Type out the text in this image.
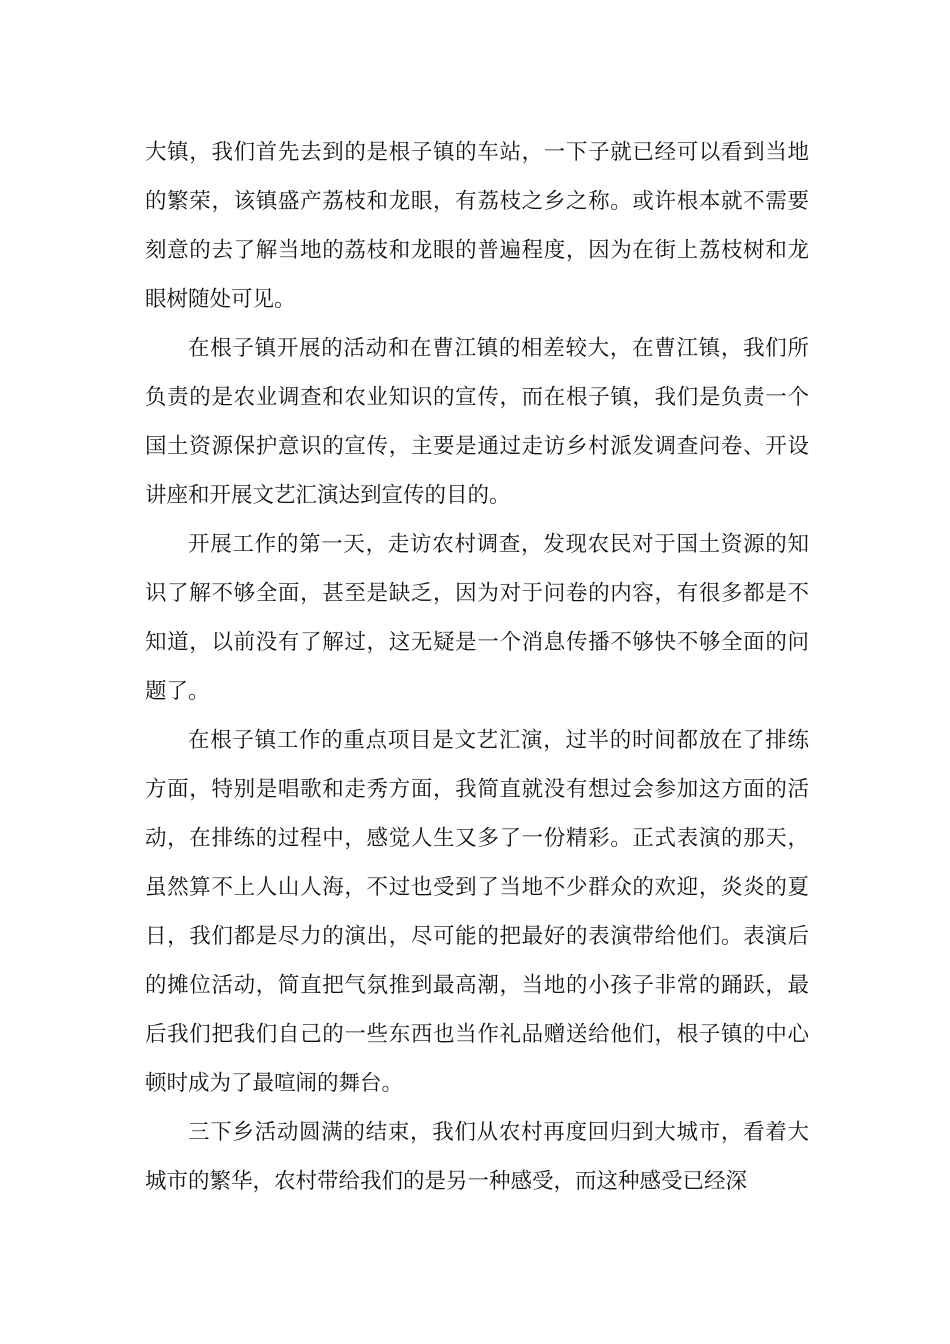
大镇，我们首先去到的是根子镇的车站，一下子就已经可以看到当地的繁荣，该镇盛产荔枝和龙眼，有荔枝之乡之称。或许根本就不需要刻意的去了解当地的荔枝和龙眼的普遍程度，因为在街上荔枝树和龙眼树随处可见。

在根子镇开展的活动和在曹江镇的相差较大，在曹江镇，我们所负责的是农业调查和农业知识的宣传，而在根子镇，我们是负责一个国土资源保护意识的宣传，主要是通过走访乡村派发调查问卷、开设讲座和开展文艺汇演达到宣传的目的。

开展工作的第一天，走访农村调查，发现农民对于国土资源的知识了解不够全面，甚至是缺乏，因为对于问卷的内容，有很多都是不知道，以前没有了解过，这无疑是一个消息传播不够快不够全面的问题了。

在根子镇工作的重点项目是文艺汇演，过半的时间都放在了排练方面，特别是唱歌和走秀方面，我简直就没有想过会参加这方面的活动，在排练的过程中，感觉人生又多了一份精彩。正式表演的那天，虽然算不上人山人海，不过也受到了当地不少群众的欢迎，炎炎的夏日，我们都是尽力的演出，尽可能的把最好的表演带给他们。表演后的摊位活动，简直把气氛推到最高潮，当地的小孩子非常的踊跃，最后我们把我们自己的一些东西也当作礼品赠送给他们，根子镇的中心顿时成为了最喧闹的舞台。

三下乡活动圆满的结束，我们从农村再度回归到大城市，看着大城市的繁华，农村带给我们的是另一种感受，而这种感受已经深
